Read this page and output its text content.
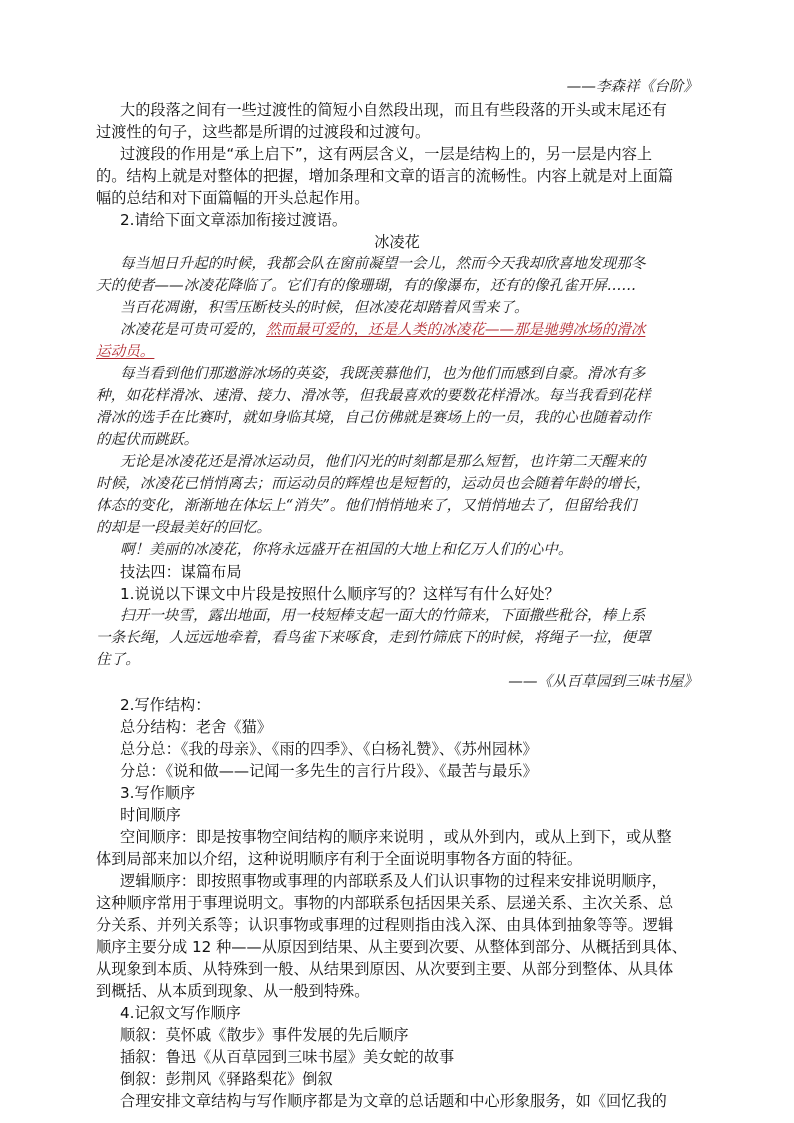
——李森祥《台阶》
大的段落之间有一些过渡性的简短小自然段出现，而且有些段落的开头或末尾还有
过渡性的句子，这些都是所谓的过渡段和过渡句。
过渡段的作用是“承上启下”，这有两层含义，一层是结构上的，另一层是内容上
的。结构上就是对整体的把握，增加条理和文章的语言的流畅性。内容上就是对上面篇
幅的总结和对下面篇幅的开头总起作用。
2.请给下面文章添加衔接过渡语。
冰凌花
每当旭日升起的时候，我都会队在窗前凝望一会儿，然而今天我却欣喜地发现那冬
天的使者——冰凌花降临了。它们有的像珊瑚，有的像瀑布，还有的像孔雀开屏……
当百花凋谢，积雪压断枝头的时候，但冰凌花却踏着风雪来了。
冰凌花是可贵可爱的，然而最可爱的，还是人类的冰凌花——那是驰骋冰场的滑冰
运动员。
每当看到他们那遨游冰场的英姿，我既羡慕他们，也为他们而感到自豪。滑冰有多
种，如花样滑冰、速滑、接力、滑冰等，但我最喜欢的要数花样滑冰。每当我看到花样
滑冰的选手在比赛时，就如身临其境，自己仿佛就是赛场上的一员，我的心也随着动作
的起伏而跳跃。
无论是冰凌花还是滑冰运动员，他们闪光的时刻都是那么短暂，也许第二天醒来的
时候，冰凌花已悄悄离去；而运动员的辉煌也是短暂的，运动员也会随着年龄的增长，
体态的变化，渐渐地在体坛上“消失”。他们悄悄地来了，又悄悄地去了，但留给我们
的却是一段最美好的回忆。
啊！美丽的冰凌花，你将永远盛开在祖国的大地上和亿万人们的心中。
技法四：谋篇布局
1.说说以下课文中片段是按照什么顺序写的？这样写有什么好处？
扫开一块雪，露出地面，用一枝短棒支起一面大的竹筛来，下面撒些秕谷，棒上系
一条长绳，人远远地牵着，看鸟雀下来啄食，走到竹筛底下的时候，将绳子一拉，便罩
住了。
——《从百草园到三味书屋》
2.写作结构：
总分结构：老舍《猫》
总分总：《我的母亲》、《雨的四季》、《白杨礼赞》、《苏州园林》
分总：《说和做——记闻一多先生的言行片段》、《最苦与最乐》
3.写作顺序
时间顺序
空间顺序：即是按事物空间结构的顺序来说明 ，或从外到内，或从上到下，或从整
体到局部来加以介绍，这种说明顺序有利于全面说明事物各方面的特征。
逻辑顺序：即按照事物或事理的内部联系及人们认识事物的过程来安排说明顺序，
这种顺序常用于事理说明文。事物的内部联系包括因果关系、层递关系、主次关系、总
分关系、并列关系等；认识事物或事理的过程则指由浅入深、由具体到抽象等等。逻辑
顺序主要分成 12 种——从原因到结果、从主要到次要、从整体到部分、从概括到具体、
从现象到本质、从特殊到一般、从结果到原因、从次要到主要、从部分到整体、从具体
到概括、从本质到现象、从一般到特殊。
4.记叙文写作顺序
顺叙：莫怀戚《散步》事件发展的先后顺序
插叙：鲁迅《从百草园到三味书屋》美女蛇的故事
倒叙：彭荆风《驿路梨花》倒叙
合理安排文章结构与写作顺序都是为文章的总话题和中心形象服务，如《回忆我的
